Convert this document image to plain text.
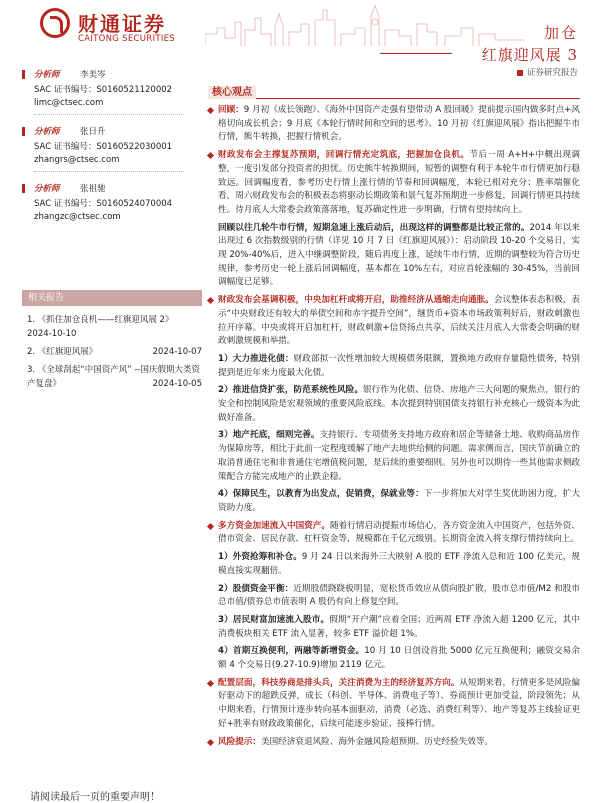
财通证券
CAITONG SECURITIES	加仓
红旗迎风展 3
证券研究报告
分析师 李美岑
SAC 证书编号：S0160521120002
limc@ctsec.com
分析师 张日升
SAC 证书编号：S0160522030001
zhangrs@ctsec.com
分析师 张祖驰
SAC 证书编号：S0160524070004
zhangzc@ctsec.com
相关报告
1. 《抓住加仓良机——红旗迎风展 2》
2024-10-10
2. 《红旗迎风展》	2024-10-07
3. 《全球刮起“中国资产风” --国庆假期大类资产复盘》	2024-10-05
核心观点

回顾：9 月初《成长领跑》、《海外中国资产走强有望带动 A 股回暖》提前提示国内做多时点+风格切向成长机会；9 月底《本轮行情时间和空间的思考》、10 月初《红旗迎风展》指出把握牛市行情，熊牛转换，把握行情机会。

财政发布会主撑复苏预期，回调行情充定筑底，把握加仓良机。节后一周 A+H+中概出现调整，一度引发部分投资者的担忧。历史熊牛转换期间，短暂的调整有利于本轮牛市行情更加行稳致远。回调幅度看，参考历史行情上涨行情的节奏和回调幅度，本轮已相对充分；胜率端催化看，周六财政发布会的积极表态将驱动长期政策和景气复苏预期进一步修复，回调行情更具持续性。待月底人大常委会政策落落地，复苏确定性进一步明确，行情有望持续向上。

回顾以往几轮牛市行情，短期急速上涨后动后，出现这样的调整都是比较正常的。2014 年以来出现过 6 次指数级别的行情（详见 10 月 7 日《红旗迎风展》）：启动阶段 10-20 个交易日，实现 20%-40%后，进入中继调整阶段，随后再度上涨，延续牛市行情，近期的调整较为符合历史规律，参考历史一轮上涨后回调幅度，基本都在 10%左右，对应首轮涨幅的 30-45%，当前回调幅度已足够。

财政发布会基调积极，中央加杠杆或将开启，助推经济从通缩走向通胀。会议整体表态积极，表示“中央财政还有较大的举债空间和赤字提升空间”，继货币+资本市场政策利好后，财政刺激也拉开序幕。中央或将开启加杠杆，财政刺激+信贷扬点共享，后续关注月底人大常委会明确的财政刺激规模和举措。

1）大力推进化债：财政部拟一次性增加较大规模债务限额，置换地方政府存量隐性债务，特别提到是近年来力度最大化债。

2）推进信贷扩张，防范系统性风险。银行作为化债、信贷、房地产三大问题的聚焦点，银行的安全和控制风险是宏观领域的重要风险底线。本次提到特别国债支持银行补充核心一级资本为此做好准备。

3）地产托底，细则完善。支持银行、专项债务支持地方政府和居企等储备土地、收购商品房作为保障房等，相比于此前一定程度缓解了地产去地供给侧的问题。需求侧而言，国庆节前确立的取消普通住宅和非普通住宅增值税问题，是后续的重要细则。另外也可以期待一些其他需求侧政策配合方能完成地产的止跌企稳。

4）保障民生，以教育为出发点，促销费，保就业等：下一步将加大对学生奖优助困力度，扩大资助力度。

多方资金加速流入中国资产。随着行情启动提振市场信心，各方资金流入中国资产，包括外资、借市资金、居民存款、杠杆资金等，规模都在千亿元级别。长期资金流入将支撑行情持续向上。

1）外资抢筹和补仓。9 月 24 日以来海外三大映射 A 股的 ETF 净流入总和近 100 亿美元，规模直接实现翻倍。

2）股债资金平衡：近期股债跷跷板明显，宽松货币效应从债向股扩散，股市总市值/M2 和股市总市值/债券总市值表明 A 股仍有向上修复空间。

3）居民财富加速流入股市。假期“开户潮”应着全国；近两周 ETF 净流入超 1200 亿元，其中消费板块相关 ETF 流入显著，较多 ETF 溢价超 1%。

4）首期互换便利，两融等新增资金。10 月 10 日创设首批 5000 亿元互换便利；融资交易余额 4 个交易日(9.27-10.9)增加 2119 亿元。

配置层面，科技券商是排头兵，关注消费为主的经济复苏方向。从短期来看，行情更多是风险偏好驱动下的超跌反弹，成长（科创、半导体、消费电子等）、券商预计更加受益，阶段领先；从中期来看，行情预计逐步转向基本面驱动，消费（必选、消费红利等）、地产等复苏主线验证更好+胜率有财政政策催化，后续可能逐步验证、接棒行情。

风险提示：美国经济衰退风险、海外金融风险超预期、历史经验失效等。

请阅读最后一页的重要声明！
